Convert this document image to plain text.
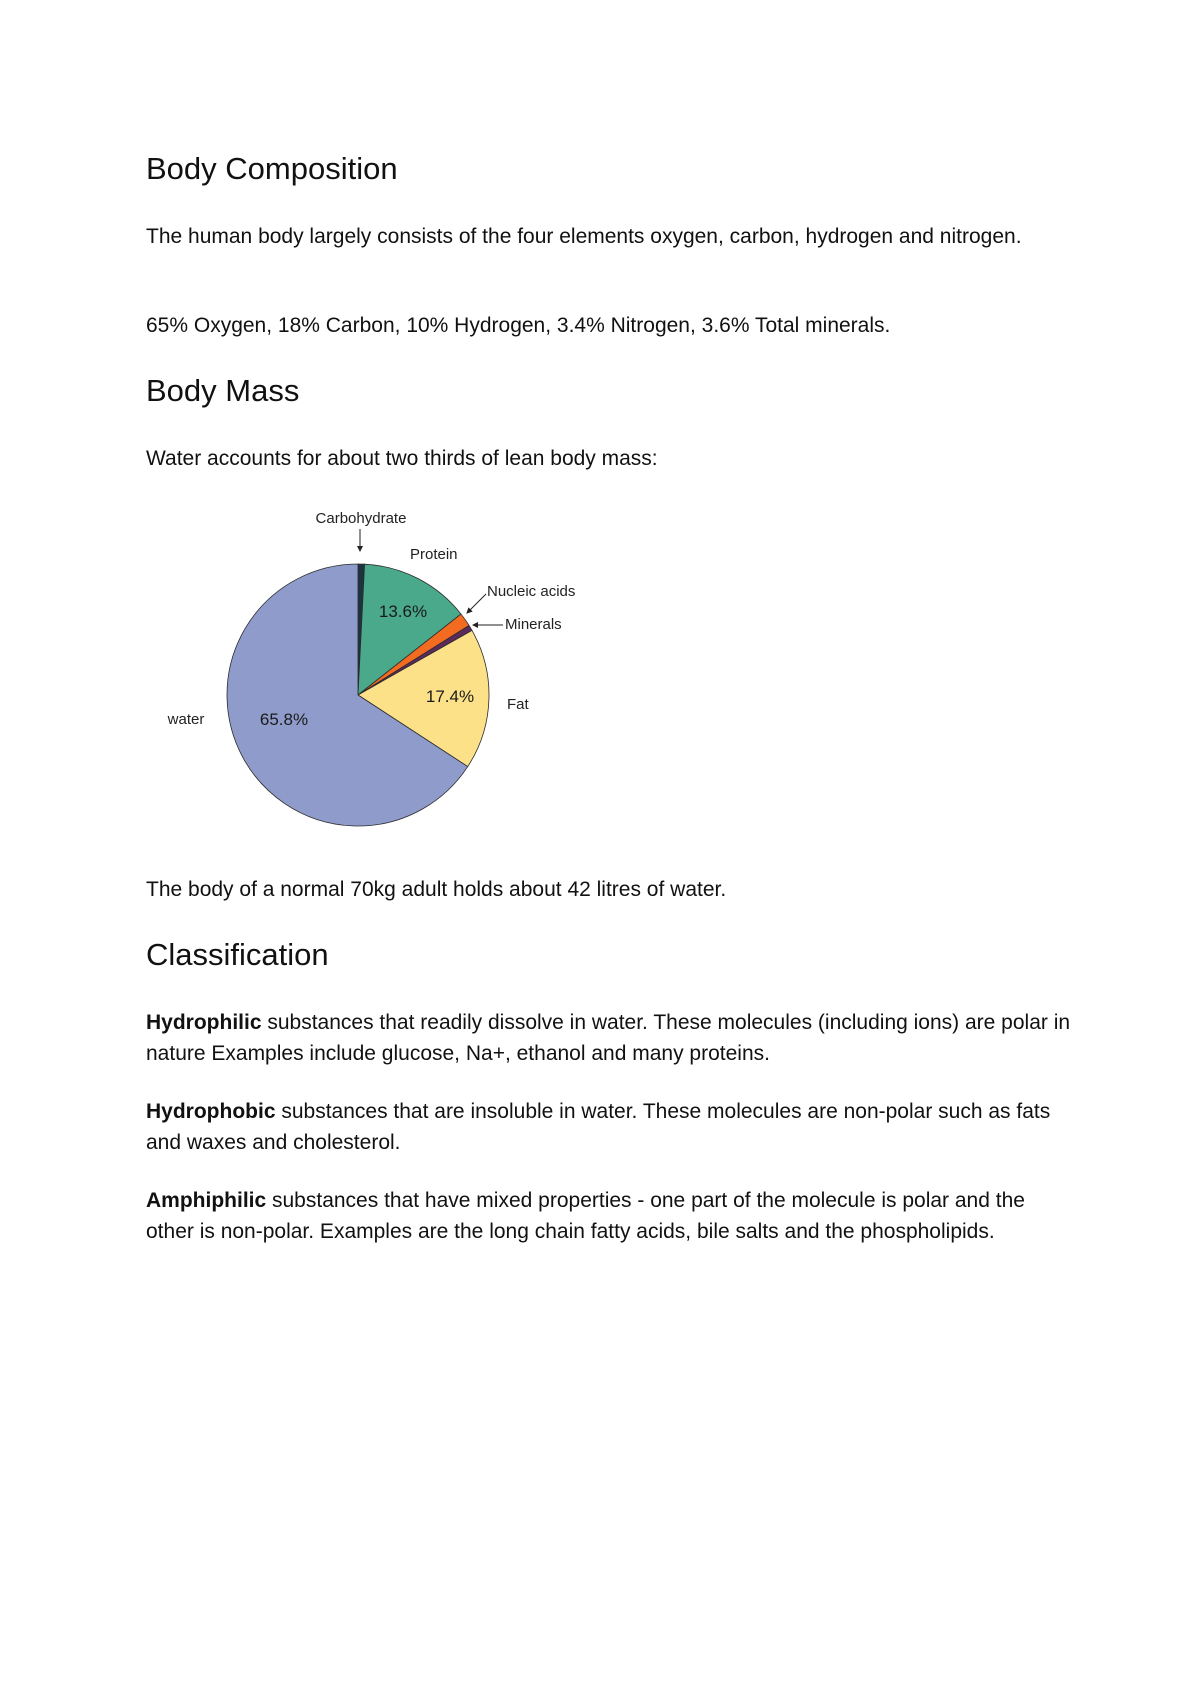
Body Composition

The human body largely consists of the four elements oxygen, carbon, hydrogen and nitrogen.

65% Oxygen, 18% Carbon, 10% Hydrogen, 3.4% Nitrogen, 3.6% Total minerals.

Body Mass

Water accounts for about two thirds of lean body mass:

Carbohydrate
Protein
Nucleic acids
Minerals
Fat
water
13.6%
17.4%
65.8%

The body of a normal 70kg adult holds about 42 litres of water.

Classification

Hydrophilic substances that readily dissolve in water. These molecules (including ions) are polar in nature Examples include glucose, Na+, ethanol and many proteins.

Hydrophobic substances that are insoluble in water. These molecules are non-polar such as fats and waxes and cholesterol.

Amphiphilic substances that have mixed properties - one part of the molecule is polar and the other is non-polar. Examples are the long chain fatty acids, bile salts and the phospholipids.
